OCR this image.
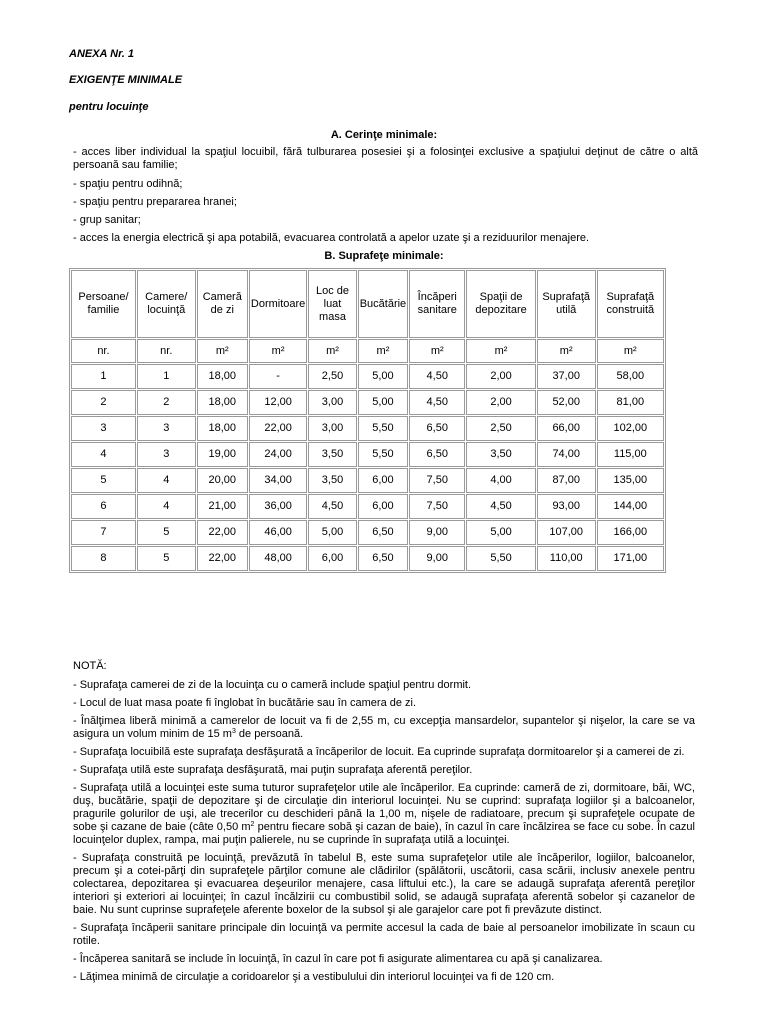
ANEXA Nr. 1
EXIGENŢE MINIMALE
pentru locuinţe
A. Cerinţe minimale:
- acces liber individual la spaţiul locuibil, fără tulburarea posesiei şi a folosinţei exclusive a spaţiului deţinut de către o altă persoană sau familie;
- spaţiu pentru odihnă;
- spaţiu pentru prepararea hranei;
- grup sanitar;
- acces la energia electrică şi apa potabilă, evacuarea controlată a apelor uzate şi a reziduurilor menajere.
B. Suprafeţe minimale:
Persoane/ familie	Camere/ locuinţă	Cameră de zi	Dormitoare	Loc de luat masa	Bucătărie	Încăperi sanitare	Spaţii de depozitare	Suprafaţă utilă	Suprafaţă construită
nr.	nr.	m²	m²	m²	m²	m²	m²	m²	m²
1	1	18,00	-	2,50	5,00	4,50	2,00	37,00	58,00
2	2	18,00	12,00	3,00	5,00	4,50	2,00	52,00	81,00
3	3	18,00	22,00	3,00	5,50	6,50	2,50	66,00	102,00
4	3	19,00	24,00	3,50	5,50	6,50	3,50	74,00	115,00
5	4	20,00	34,00	3,50	6,00	7,50	4,00	87,00	135,00
6	4	21,00	36,00	4,50	6,00	7,50	4,50	93,00	144,00
7	5	22,00	46,00	5,00	6,50	9,00	5,00	107,00	166,00
8	5	22,00	48,00	6,00	6,50	9,00	5,50	110,00	171,00

NOTĂ:

- Suprafaţa camerei de zi de la locuinţa cu o cameră include spaţiul pentru dormit.

- Locul de luat masa poate fi înglobat în bucătărie sau în camera de zi.

- Înălţimea liberă minimă a camerelor de locuit va fi de 2,55 m, cu excepţia mansardelor, supantelor şi nişelor, la care se va asigura un volum minim de 15 $m^3$ de persoană.

- Suprafaţa locuibilă este suprafaţa desfăşurată a încăperilor de locuit. Ea cuprinde suprafaţa dormitoarelor şi a camerei de zi.

- Suprafaţa utilă este suprafaţa desfăşurată, mai puţin suprafaţa aferentă pereţilor.

- Suprafaţa utilă a locuinţei este suma tuturor suprafeţelor utile ale încăperilor. Ea cuprinde: cameră de zi, dormitoare, băi, WC, duş, bucătărie, spaţii de depozitare şi de circulaţie din interiorul locuinţei. Nu se cuprind: suprafaţa logiilor şi a balcoanelor, pragurile golurilor de uşi, ale trecerilor cu deschideri până la 1,00 m, nişele de radiatoare, precum şi suprafeţele ocupate de sobe şi cazane de baie (câte 0,50 $m^2$ pentru fiecare sobă şi cazan de baie), în cazul în care încălzirea se face cu sobe. În cazul locuinţelor duplex, rampa, mai puţin palierele, nu se cuprinde în suprafaţa utilă a locuinţei.

- Suprafaţa construită pe locuinţă, prevăzută în tabelul B, este suma suprafeţelor utile ale încăperilor, logiilor, balcoanelor, precum şi a cotei-părţi din suprafeţele părţilor comune ale clădirilor (spălătorii, uscătorii, casa scării, inclusiv anexele pentru colectarea, depozitarea şi evacuarea deşeurilor menajere, casa liftului etc.), la care se adaugă suprafaţa aferentă pereţilor interiori şi exteriori ai locuinţei; în cazul încălzirii cu combustibil solid, se adaugă suprafaţa aferentă sobelor şi cazanelor de baie. Nu sunt cuprinse suprafeţele aferente boxelor de la subsol şi ale garajelor care pot fi prevăzute distinct.

- Suprafaţa încăperii sanitare principale din locuinţă va permite accesul la cada de baie al persoanelor imobilizate în scaun cu rotile.

- Încăperea sanitară se include în locuinţă, în cazul în care pot fi asigurate alimentarea cu apă şi canalizarea.

- Lăţimea minimă de circulaţie a coridoarelor şi a vestibulului din interiorul locuinţei va fi de 120 cm.
